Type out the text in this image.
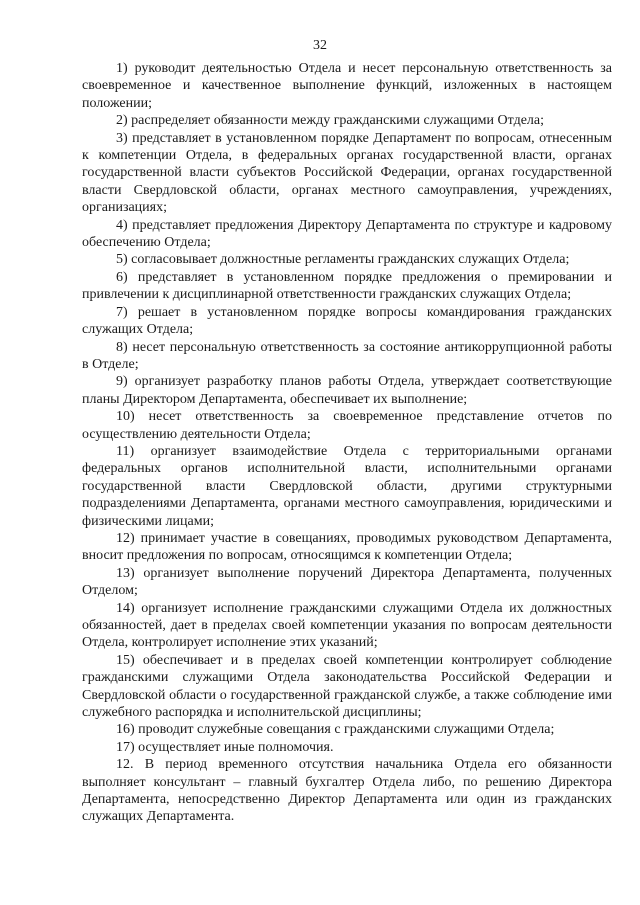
32

1) руководит деятельностью Отдела и несет персональную ответственность за своевременное и качественное выполнение функций, изложенных в настоящем положении;

2) распределяет обязанности между гражданскими служащими Отдела;

3) представляет в установленном порядке Департамент по вопросам, отнесенным к компетенции Отдела, в федеральных органах государственной власти, органах государственной власти субъектов Российской Федерации, органах государственной власти Свердловской области, органах местного самоуправления, учреждениях, организациях;

4) представляет предложения Директору Департамента по структуре и кадровому обеспечению Отдела;

5) согласовывает должностные регламенты гражданских служащих Отдела;

6) представляет в установленном порядке предложения о премировании и привлечении к дисциплинарной ответственности гражданских служащих Отдела;

7) решает в установленном порядке вопросы командирования гражданских служащих Отдела;

8) несет персональную ответственность за состояние антикоррупционной работы в Отделе;

9) организует разработку планов работы Отдела, утверждает соответствующие планы Директором Департамента, обеспечивает их выполнение;

10) несет ответственность за своевременное представление отчетов по осуществлению деятельности Отдела;

11) организует взаимодействие Отдела с территориальными органами федеральных органов исполнительной власти, исполнительными органами государственной власти Свердловской области, другими структурными подразделениями Департамента, органами местного самоуправления, юридическими и физическими лицами;

12) принимает участие в совещаниях, проводимых руководством Департамента, вносит предложения по вопросам, относящимся к компетенции Отдела;

13) организует выполнение поручений Директора Департамента, полученных Отделом;

14) организует исполнение гражданскими служащими Отдела их должностных обязанностей, дает в пределах своей компетенции указания по вопросам деятельности Отдела, контролирует исполнение этих указаний;

15) обеспечивает и в пределах своей компетенции контролирует соблюдение гражданскими служащими Отдела законодательства Российской Федерации и Свердловской области о государственной гражданской службе, а также соблюдение ими служебного распорядка и исполнительской дисциплины;

16) проводит служебные совещания с гражданскими служащими Отдела;

17) осуществляет иные полномочия.

12. В период временного отсутствия начальника Отдела его обязанности выполняет консультант – главный бухгалтер Отдела либо, по решению Директора Департамента, непосредственно Директор Департамента или один из гражданских служащих Департамента.
